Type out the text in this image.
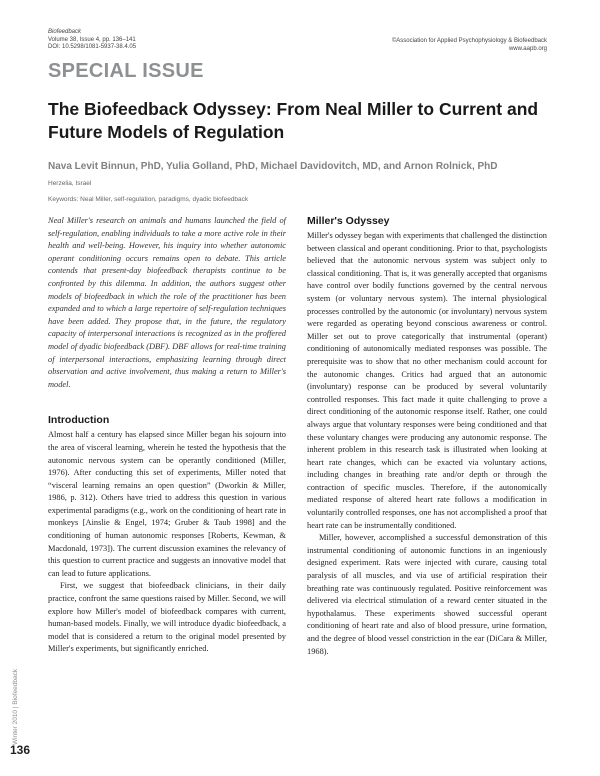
Biofeedback
Volume 38, Issue 4, pp. 136–141
DOI: 10.5298/1081-5937-38.4.05
©Association for Applied Psychophysiology & Biofeedback
www.aapb.org
SPECIAL ISSUE
The Biofeedback Odyssey: From Neal Miller to Current and Future Models of Regulation
Nava Levit Binnun, PhD, Yulia Golland, PhD, Michael Davidovitch, MD, and Arnon Rolnick, PhD
Herzelia, Israel
Keywords: Neal Miller, self-regulation, paradigms, dyadic biofeedback

Neal Miller's research on animals and humans launched the field of self-regulation, enabling individuals to take a more active role in their health and well-being. However, his inquiry into whether autonomic operant conditioning occurs remains open to debate. This article contends that present-day biofeedback therapists continue to be confronted by this dilemma. In addition, the authors suggest other models of biofeedback in which the role of the practitioner has been expanded and to which a large repertoire of self-regulation techniques have been added. They propose that, in the future, the regulatory capacity of interpersonal interactions is recognized as in the proffered model of dyadic biofeedback (DBF). DBF allows for real-time training of interpersonal interactions, emphasizing learning through direct observation and active involvement, thus making a return to Miller's model.

Introduction

Almost half a century has elapsed since Miller began his sojourn into the area of visceral learning, wherein he tested the hypothesis that the autonomic nervous system can be operantly conditioned (Miller, 1976). After conducting this set of experiments, Miller noted that “visceral learning remains an open question” (Dworkin & Miller, 1986, p. 312). Others have tried to address this question in various experimental paradigms (e.g., work on the conditioning of heart rate in monkeys [Ainslie & Engel, 1974; Gruber & Taub 1998] and the conditioning of human autonomic responses [Roberts, Kewman, & Macdonald, 1973]). The current discussion examines the relevancy of this question to current practice and suggests an innovative model that can lead to future applications.

First, we suggest that biofeedback clinicians, in their daily practice, confront the same questions raised by Miller. Second, we will explore how Miller's model of biofeedback compares with current, human-based models. Finally, we will introduce dyadic biofeedback, a model that is considered a return to the original model presented by Miller's experiments, but significantly enriched.

Miller's Odyssey

Miller's odyssey began with experiments that challenged the distinction between classical and operant conditioning. Prior to that, psychologists believed that the autonomic nervous system was subject only to classical conditioning. That is, it was generally accepted that organisms have control over bodily functions governed by the central nervous system (or voluntary nervous system). The internal physiological processes controlled by the autonomic (or involuntary) nervous system were regarded as operating beyond conscious awareness or control. Miller set out to prove categorically that instrumental (operant) conditioning of autonomically mediated responses was possible. The prerequisite was to show that no other mechanism could account for the autonomic changes. Critics had argued that an autonomic (involuntary) response can be produced by several voluntarily controlled responses. This fact made it quite challenging to prove a direct conditioning of the autonomic response itself. Rather, one could always argue that voluntary responses were being conditioned and that these voluntary changes were producing any autonomic response. The inherent problem in this research task is illustrated when looking at heart rate changes, which can be exacted via voluntary actions, including changes in breathing rate and/or depth or through the contraction of specific muscles. Therefore, if the autonomically mediated response of altered heart rate follows a modification in voluntarily controlled responses, one has not accomplished a proof that heart rate can be instrumentally conditioned.

Miller, however, accomplished a successful demonstration of this instrumental conditioning of autonomic functions in an ingeniously designed experiment. Rats were injected with curare, causing total paralysis of all muscles, and via use of artificial respiration their breathing rate was continuously regulated. Positive reinforcement was delivered via electrical stimulation of a reward center situated in the hypothalamus. These experiments showed successful operant conditioning of heart rate and also of blood pressure, urine formation, and the degree of blood vessel constriction in the ear (DiCara & Miller, 1968).

Winter 2010 | Biofeedback
136
